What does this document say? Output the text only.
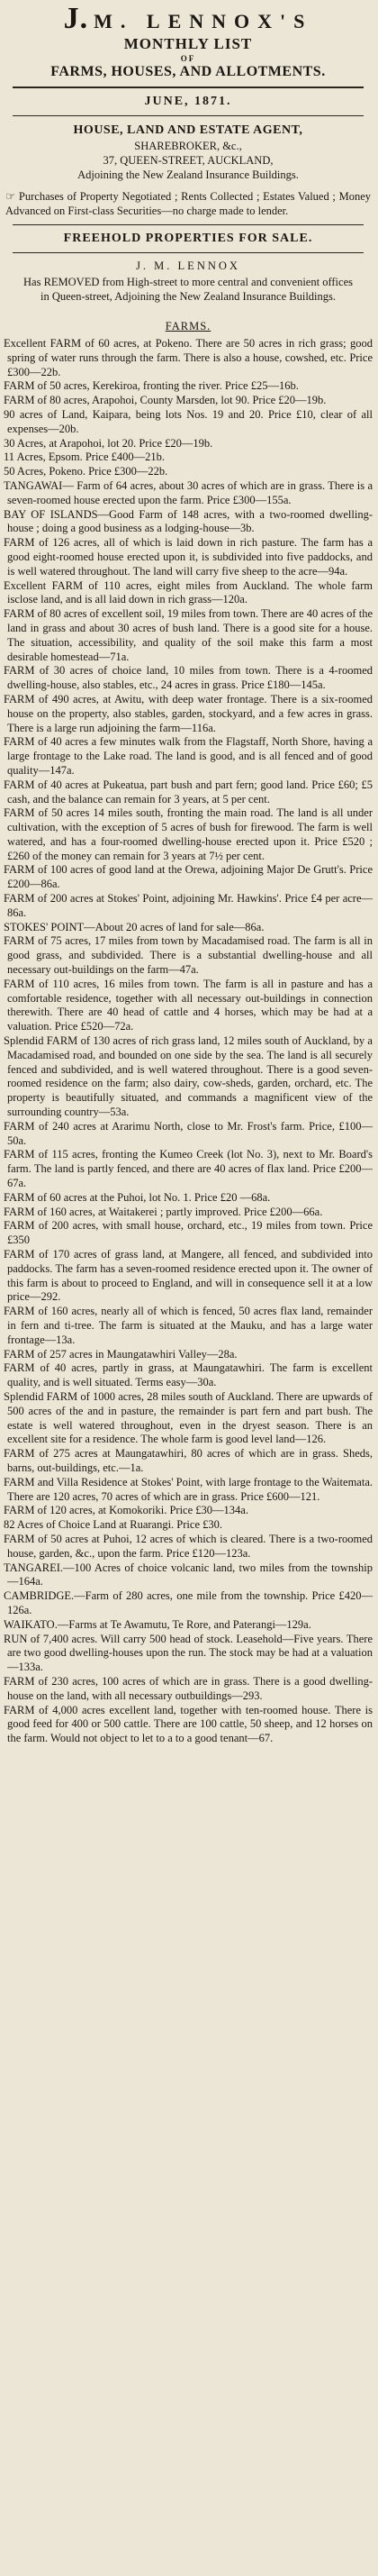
J. M. LENNOX'S
MONTHLY LIST
OF
FARMS, HOUSES, AND ALLOTMENTS.
JUNE, 1871.
HOUSE, LAND AND ESTATE AGENT,
SHAREBROKER, &c.,
37, QUEEN-STREET, AUCKLAND,
Adjoining the New Zealand Insurance Buildings.
☞ Purchases of Property Negotiated ; Rents Collected ; Estates Valued ; Money Advanced on First-class Securities—no charge made to lender.
FREEHOLD PROPERTIES FOR SALE.
J. M. LENNOX
Has REMOVED from High-street to more central and convenient offices in Queen-street, Adjoining the New Zealand Insurance Buildings.
FARMS.

Excellent FARM of 60 acres, at Pokeno. There are 50 acres in rich grass; good spring of water runs through the farm. There is also a house, cowshed, etc. Price £300—22b.

FARM of 50 acres, Kerekiroa, fronting the river. Price £25—16b.

FARM of 80 acres, Arapohoi, County Marsden, lot 90. Price £20—19b.

90 acres of Land, Kaipara, being lots Nos. 19 and 20. Price £10, clear of all expenses—20b.

30 Acres, at Arapohoi, lot 20. Price £20—19b.

11 Acres, Epsom. Price £400—21b.

50 Acres, Pokeno. Price £300—22b.

TANGAWAI— Farm of 64 acres, about 30 acres of which are in grass. There is a seven-roomed house erected upon the farm. Price £300—155a.

BAY OF ISLANDS—Good Farm of 148 acres, with a two-roomed dwelling-house ; doing a good business as a lodging-house—3b.

FARM of 126 acres, all of which is laid down in rich pasture. The farm has a good eight-roomed house erected upon it, is subdivided into five paddocks, and is well watered throughout. The land will carry five sheep to the acre—94a.

Excellent FARM of 110 acres, eight miles from Auckland. The whole farm isclose land, and is all laid down in rich grass—120a.

FARM of 80 acres of excellent soil, 19 miles from town. There are 40 acres of the land in grass and about 30 acres of bush land. There is a good site for a house. The situation, accessibility, and quality of the soil make this farm a most desirable homestead—71a.

FARM of 30 acres of choice land, 10 miles from town. There is a 4-roomed dwelling-house, also stables, etc., 24 acres in grass. Price £180—145a.

FARM of 490 acres, at Awitu, with deep water frontage. There is a six-roomed house on the property, also stables, garden, stockyard, and a few acres in grass. There is a large run adjoining the farm—116a.

FARM of 40 acres a few minutes walk from the Flagstaff, North Shore, having a large frontage to the Lake road. The land is good, and is all fenced and of good quality—147a.

FARM of 40 acres at Pukeatua, part bush and part fern; good land. Price £60; £5 cash, and the balance can remain for 3 years, at 5 per cent.

FARM of 50 acres 14 miles south, fronting the main road. The land is all under cultivation, with the exception of 5 acres of bush for firewood. The farm is well watered, and has a four-roomed dwelling-house erected upon it. Price £520 ; £260 of the money can remain for 3 years at 7½ per cent.

FARM of 100 acres of good land at the Orewa, adjoining Major De Grutt's. Price £200—86a.

FARM of 200 acres at Stokes' Point, adjoining Mr. Hawkins'. Price £4 per acre—86a.

STOKES' POINT—About 20 acres of land for sale—86a.

FARM of 75 acres, 17 miles from town by Macadamised road. The farm is all in good grass, and subdivided. There is a substantial dwelling-house and all necessary out-buildings on the farm—47a.

FARM of 110 acres, 16 miles from town. The farm is all in pasture and has a comfortable residence, together with all necessary out-buildings in connection therewith. There are 40 head of cattle and 4 horses, which may be had at a valuation. Price £520—72a.

Splendid FARM of 130 acres of rich grass land, 12 miles south of Auckland, by a Macadamised road, and bounded on one side by the sea. The land is all securely fenced and subdivided, and is well watered throughout. There is a good seven-roomed residence on the farm; also dairy, cow-sheds, garden, orchard, etc. The property is beautifully situated, and commands a magnificent view of the surrounding country—53a.

FARM of 240 acres at Ararimu North, close to Mr. Frost's farm. Price, £100—50a.

FARM of 115 acres, fronting the Kumeo Creek (lot No. 3), next to Mr. Board's farm. The land is partly fenced, and there are 40 acres of flax land. Price £200—67a.

FARM of 60 acres at the Puhoi, lot No. 1. Price £20 —68a.

FARM of 160 acres, at Waitakerei ; partly improved. Price £200—66a.

FARM of 200 acres, with small house, orchard, etc., 19 miles from town. Price £350

FARM of 170 acres of grass land, at Mangere, all fenced, and subdivided into paddocks. The farm has a seven-roomed residence erected upon it. The owner of this farm is about to proceed to England, and will in consequence sell it at a low price—292.

FARM of 160 acres, nearly all of which is fenced, 50 acres flax land, remainder in fern and ti-tree. The farm is situated at the Mauku, and has a large water frontage—13a.

FARM of 257 acres in Maungatawhiri Valley—28a.

FARM of 40 acres, partly in grass, at Maungatawhiri. The farm is excellent quality, and is well situated. Terms easy—30a.

Splendid FARM of 1000 acres, 28 miles south of Auckland. There are upwards of 500 acres of the and in pasture, the remainder is part fern and part bush. The estate is well watered throughout, even in the dryest season. There is an excellent site for a residence. The whole farm is good level land—126.

FARM of 275 acres at Maungatawhiri, 80 acres of which are in grass. Sheds, barns, out-buildings, etc.—1a.

FARM and Villa Residence at Stokes' Point, with large frontage to the Waitemata. There are 120 acres, 70 acres of which are in grass. Price £600—121.

FARM of 120 acres, at Komokoriki. Price £30—134a.

82 Acres of Choice Land at Ruarangi. Price £30.

FARM of 50 acres at Puhoi, 12 acres of which is cleared. There is a two-roomed house, garden, &c., upon the farm. Price £120—123a.

TANGAREI.—100 Acres of choice volcanic land, two miles from the township—164a.

CAMBRIDGE.—Farm of 280 acres, one mile from the township. Price £420—126a.

WAIKATO.—Farms at Te Awamutu, Te Rore, and Paterangi—129a.

RUN of 7,400 acres. Will carry 500 head of stock. Leasehold—Five years. There are two good dwelling-houses upon the run. The stock may be had at a valuation—133a.

FARM of 230 acres, 100 acres of which are in grass. There is a good dwelling-house on the land, with all necessary outbuildings—293.

FARM of 4,000 acres excellent land, together with ten-roomed house. There is good feed for 400 or 500 cattle. There are 100 cattle, 50 sheep, and 12 horses on the farm. Would not object to let to a to a good tenant—67.
